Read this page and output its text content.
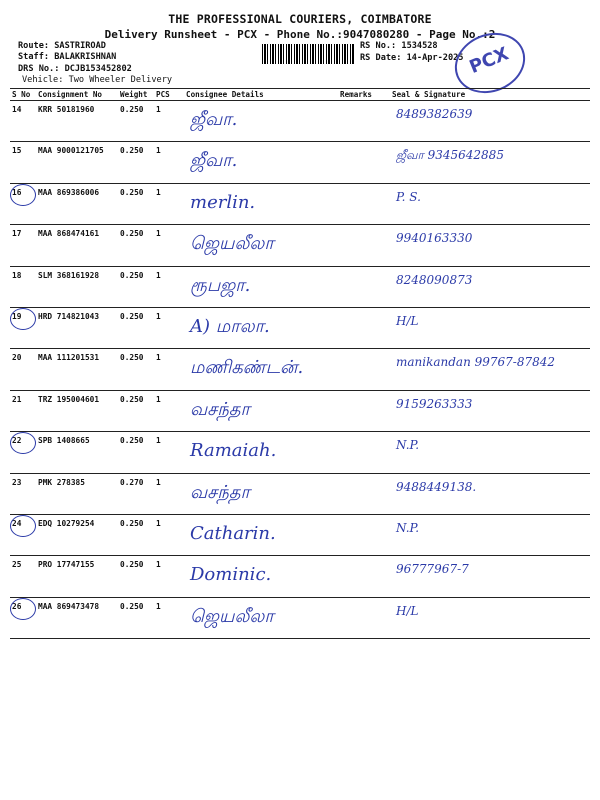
THE PROFESSIONAL COURIERS, COIMBATORE
Delivery Runsheet - PCX - Phone No.:9047080280 - Page No.:2
Route: SASTRIROAD
Staff: BALAKRISHNAN
DRS No.: DCJB153452802
Vehicle: Two Wheeler Delivery
RS No.: 1534528
RS Date: 14-Apr-2025 PCX
S No	Consignment No	Weight	PCS	Consignee Details	Remarks	Seal & Signature
14	KRR 50181960	0.250	1	ஜீவா.		8489382639

15	MAA 9000121705	0.250	1	ஜீவா.		ஜீவா 9345642885

16	MAA 869386006	0.250	1	merlin.		P. S.

17	MAA 868474161	0.250	1	ஜெயலீலா		9940163330

18	SLM 368161928	0.250	1	ரூபஜா.		8248090873

19	HRD 714821043	0.250	1	A) மாலா.		H/L

20	MAA 111201531	0.250	1	மணிகண்டன்.		manikandan 99767-87842

21	TRZ 195004601	0.250	1	வசந்தா		9159263333

22	SPB 1408665	0.250	1	Ramaiah.		N.P.

23	PMK 278385	0.270	1	வசந்தா		9488449138.

24	EDQ 10279254	0.250	1	Catharin.		N.P.

25	PRO 17747155	0.250	1	Dominic.		96777967-7

26	MAA 869473478	0.250	1	ஜெயலீலா		H/L
